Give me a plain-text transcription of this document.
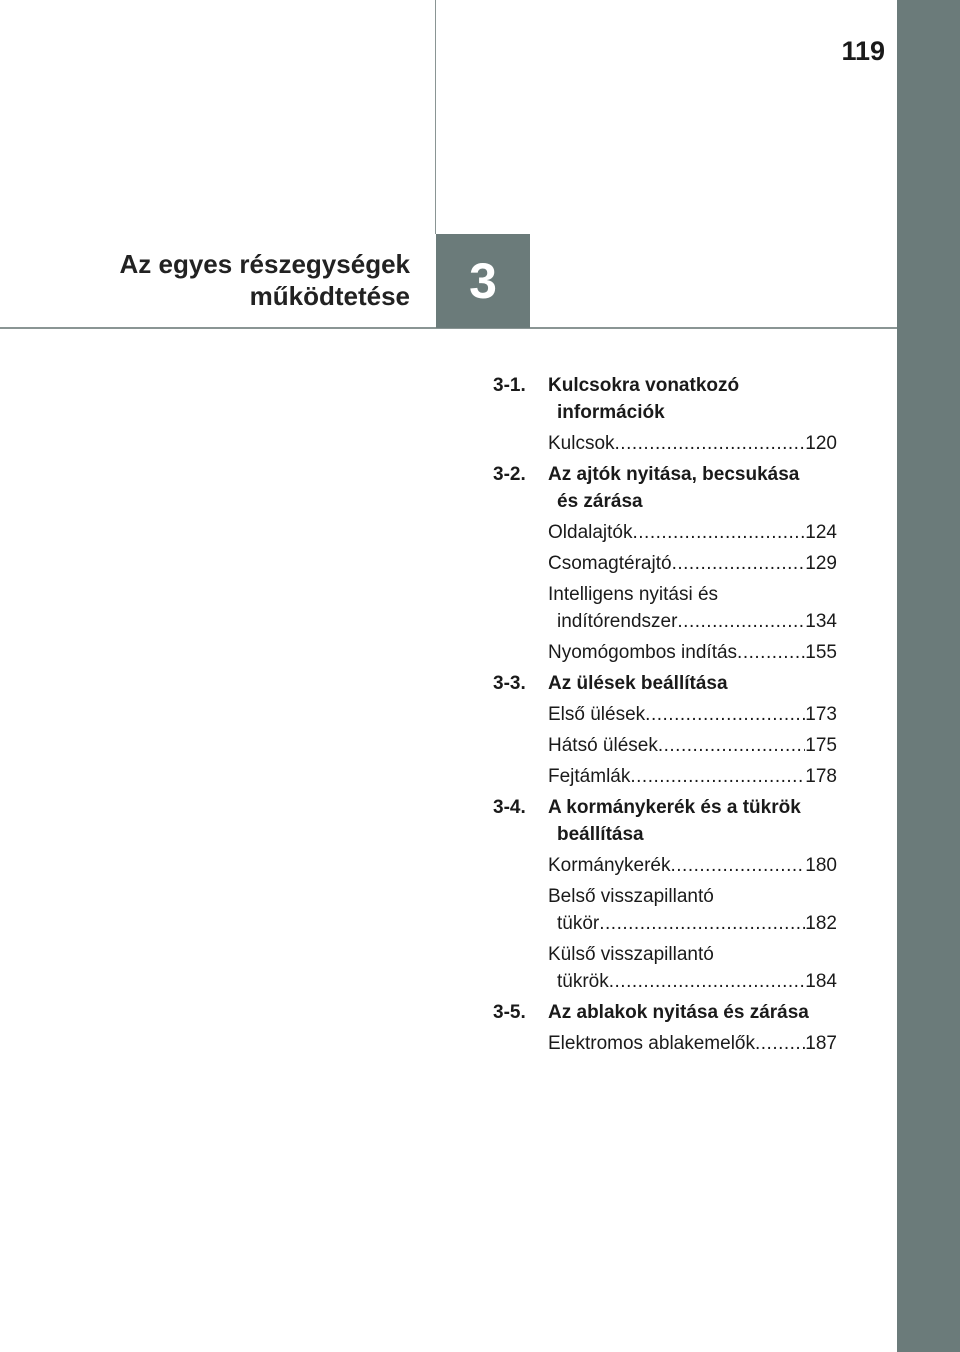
3
119
Az egyes részegységek
működtetése
3-1.	Kulcsokra vonatkozó
információk
Kulcsok .....	120
3-2.	Az ajtók nyitása, becsukása
és zárása
Oldalajtók .....	124
Csomagtérajtó .....	129
Intelligens nyitási és
indítórendszer .....	134
Nyomógombos indítás .....	155
3-3.	Az ülések beállítása
Első ülések .....	173
Hátsó ülések .....	175
Fejtámlák .....	178
3-4.	A kormánykerék és a tükrök
beállítása
Kormánykerék .....	180
Belső visszapillantó
tükör .....	182
Külső visszapillantó
tükrök .....	184
3-5.	Az ablakok nyitása és zárása
Elektromos ablakemelők .....	187
